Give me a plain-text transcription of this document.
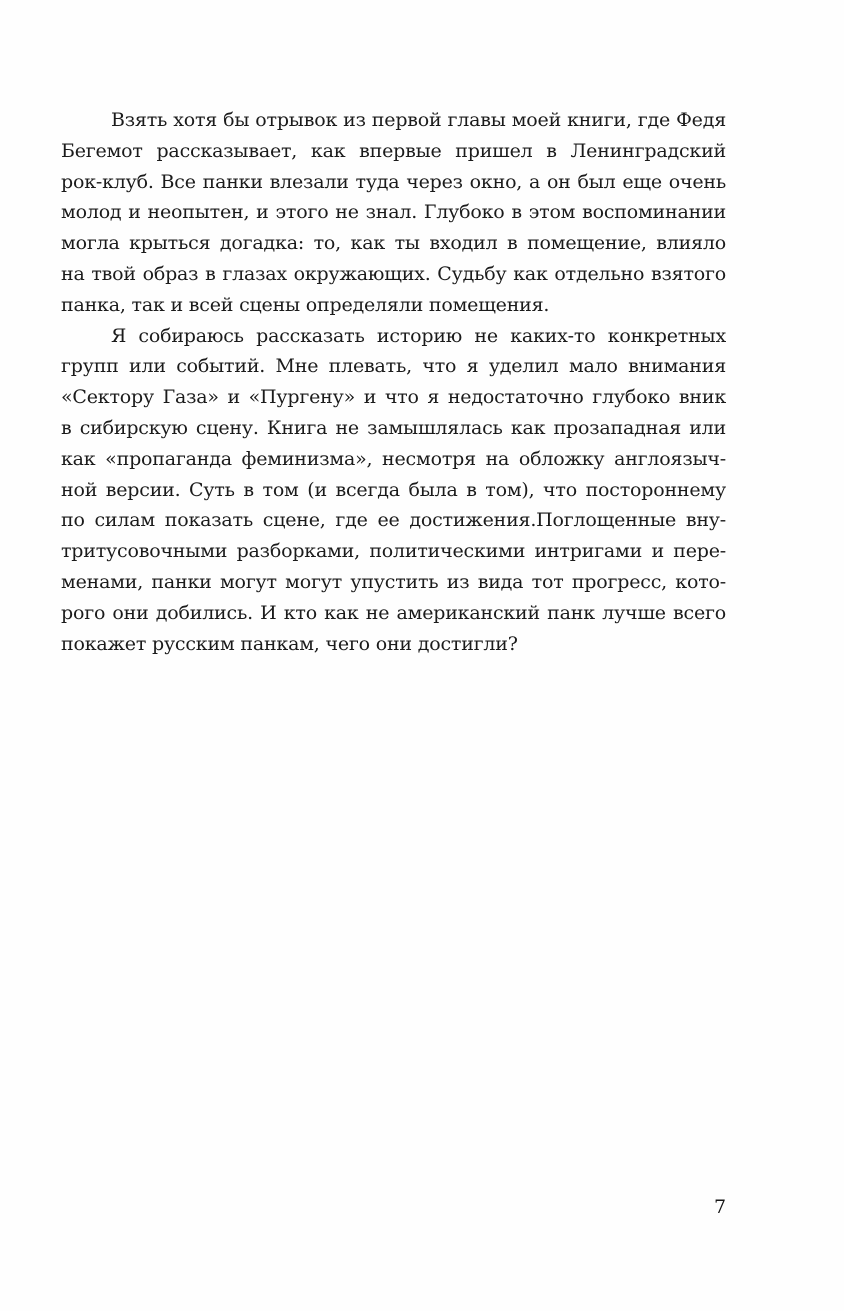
Взять хотя бы отрывок из первой главы моей книги, где Федя
Бегемот рассказывает, как впервые пришел в Ленинградский
рок-клуб. Все панки влезали туда через окно, а он был еще очень
молод и неопытен, и этого не знал. Глубоко в этом воспоминании
могла крыться догадка: то, как ты входил в помещение, влияло
на твой образ в глазах окружающих. Судьбу как отдельно взятого
панка, так и всей сцены определяли помещения.

Я собираюсь рассказать историю не каких-то конкретных
групп или событий. Мне плевать, что я уделил мало внимания
«Сектору Газа» и «Пургену» и что я недостаточно глубоко вник
в сибирскую сцену. Книга не замышлялась как прозападная или
как «пропаганда феминизма», несмотря на обложку англоязыч-
ной версии. Суть в том (и всегда была в том), что постороннему
по силам показать сцене, где ее достижения.Поглощенные вну-
тритусовочными разборками, политическими интригами и пере-
менами, панки могут могут упустить из вида тот прогресс, кото-
рого они добились. И кто как не американский панк лучше всего
покажет русским панкам, чего они достигли?

7
